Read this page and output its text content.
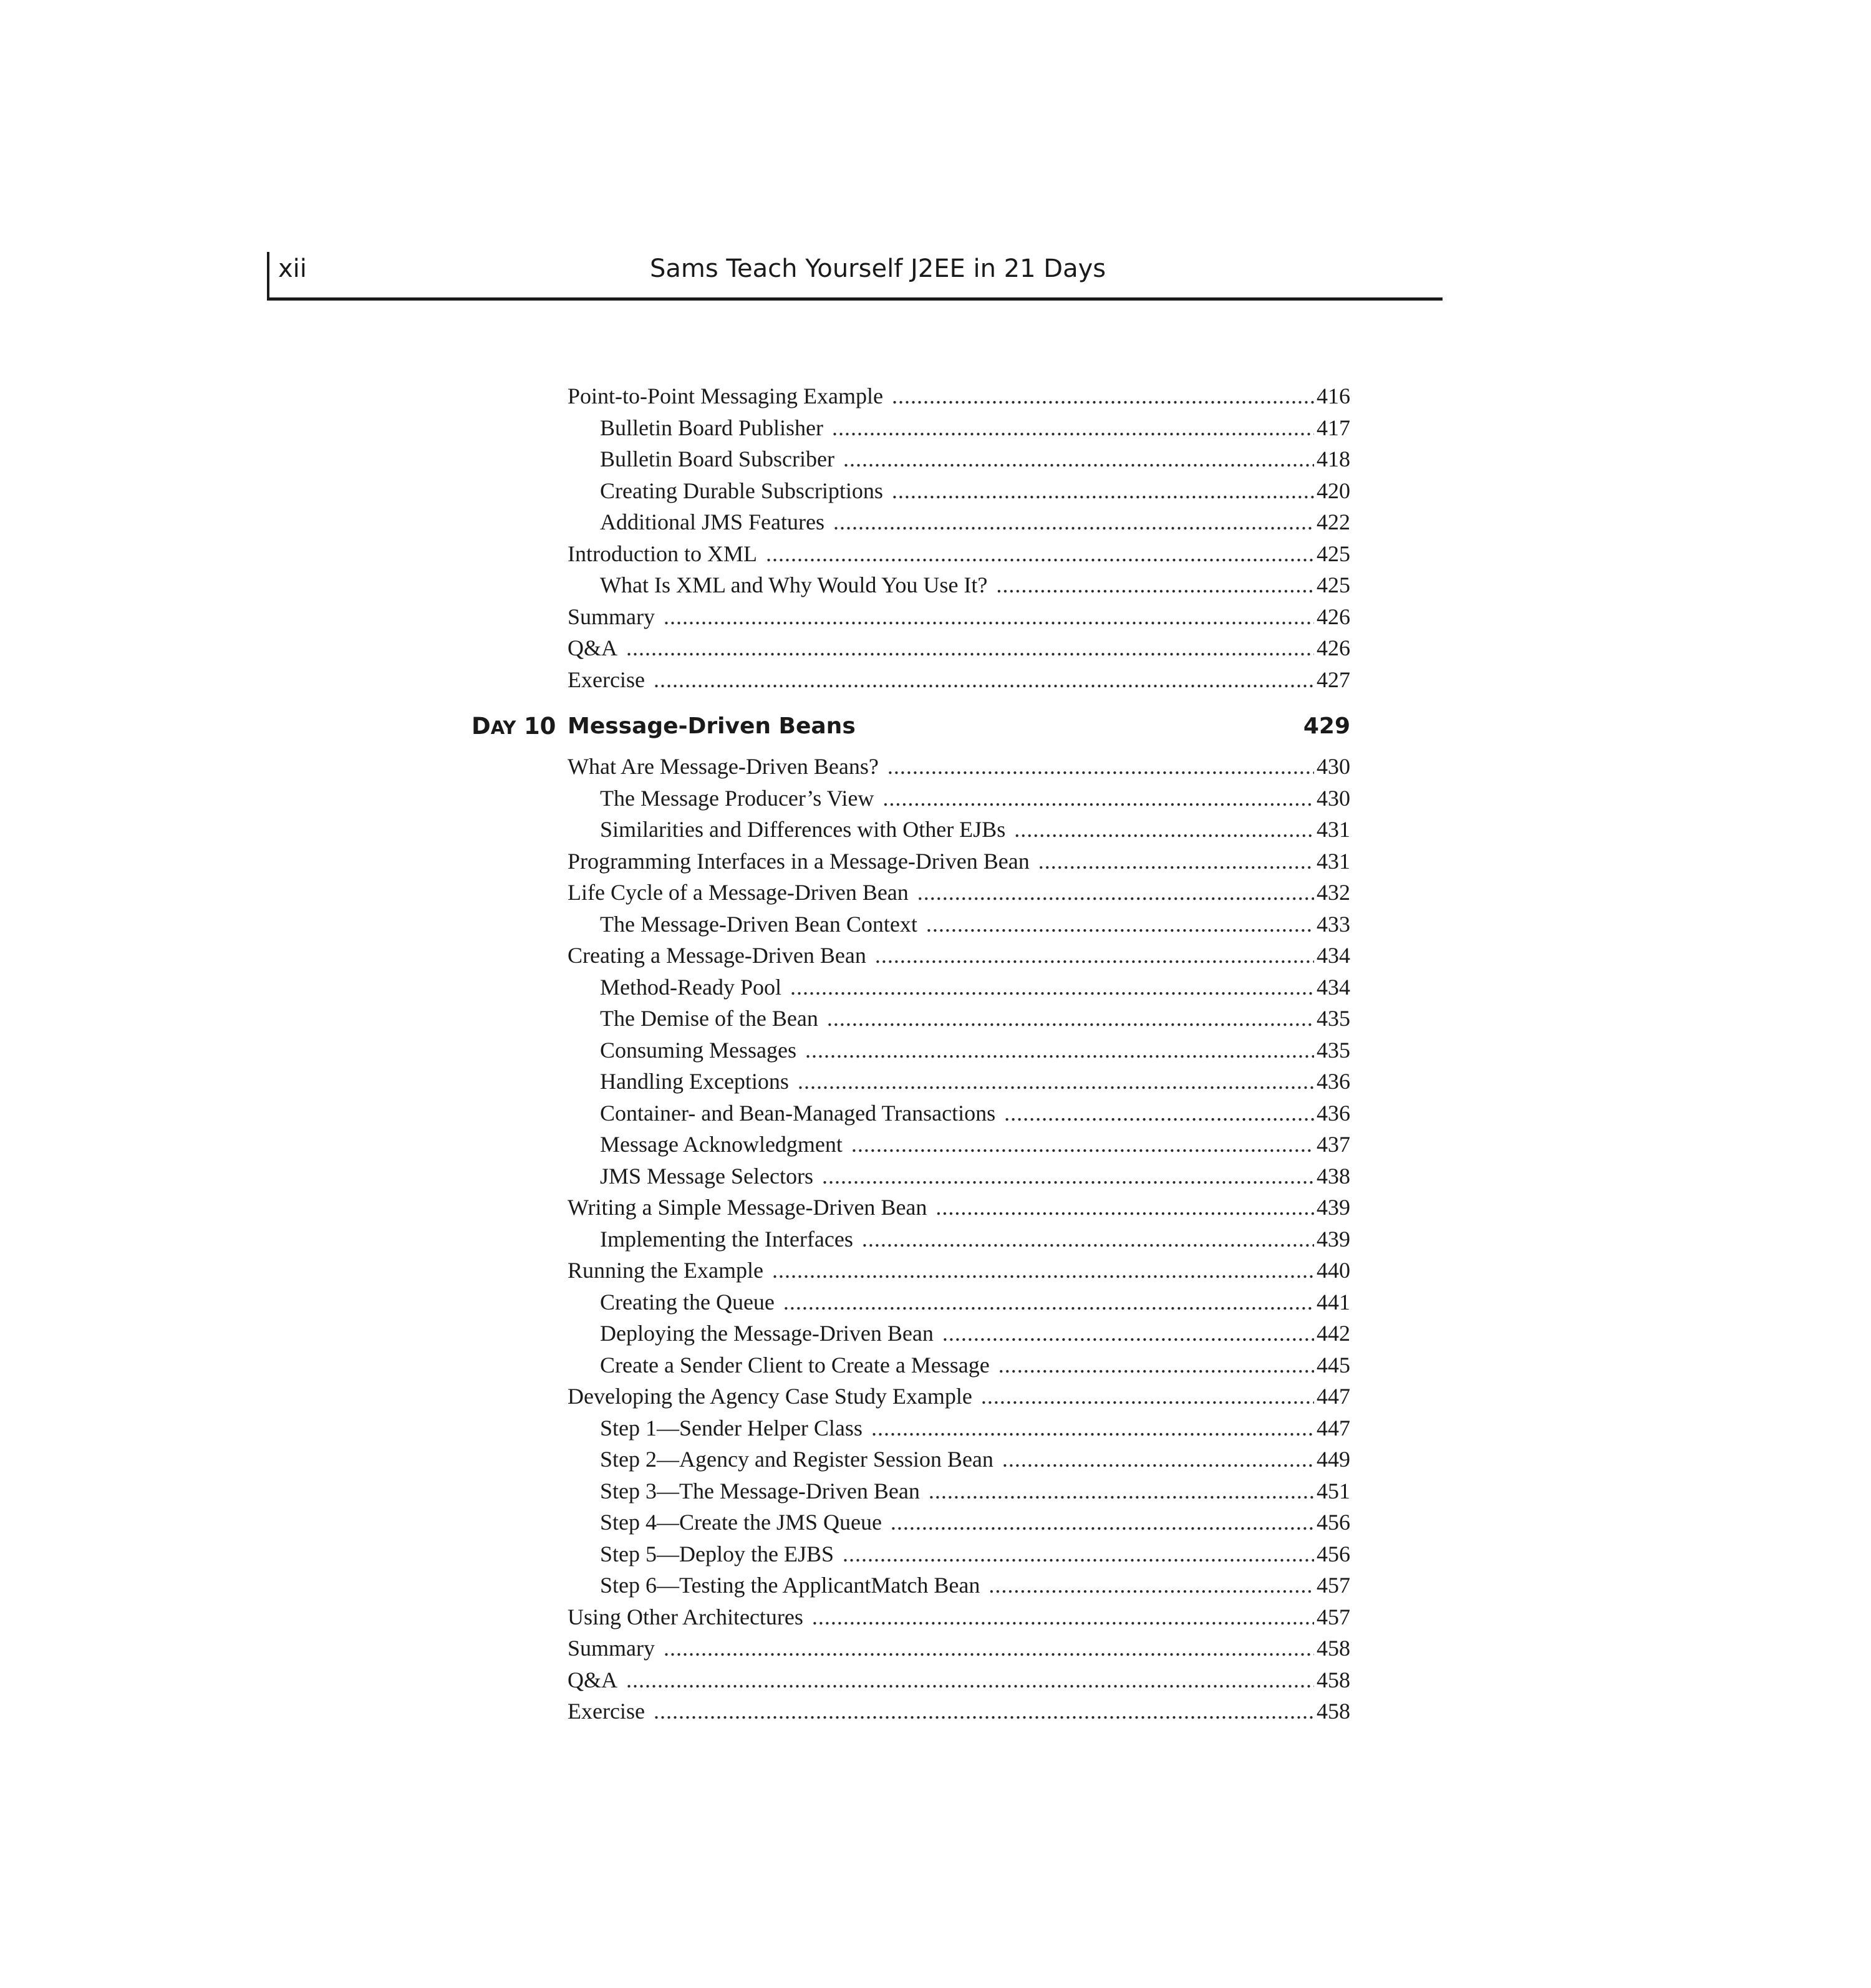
xii	Sams Teach Yourself J2EE in 21 Days
Point-to-Point Messaging Example .....	416
Bulletin Board Publisher .....	417
Bulletin Board Subscriber .....	418
Creating Durable Subscriptions .....	420
Additional JMS Features .....	422
Introduction to XML .....	425
What Is XML and Why Would You Use It? .....	425
Summary .....	426
Q&A .....	426
Exercise .....	427
DAY 10 Message-Driven Beans	429
What Are Message-Driven Beans? .....	430
The Message Producer’s View .....	430
Similarities and Differences with Other EJBs .....	431
Programming Interfaces in a Message-Driven Bean .....	431
Life Cycle of a Message-Driven Bean .....	432
The Message-Driven Bean Context .....	433
Creating a Message-Driven Bean .....	434
Method-Ready Pool .....	434
The Demise of the Bean .....	435
Consuming Messages .....	435
Handling Exceptions .....	436
Container- and Bean-Managed Transactions .....	436
Message Acknowledgment .....	437
JMS Message Selectors .....	438
Writing a Simple Message-Driven Bean .....	439
Implementing the Interfaces .....	439
Running the Example .....	440
Creating the Queue .....	441
Deploying the Message-Driven Bean .....	442
Create a Sender Client to Create a Message .....	445
Developing the Agency Case Study Example .....	447
Step 1—Sender Helper Class .....	447
Step 2—Agency and Register Session Bean .....	449
Step 3—The Message-Driven Bean .....	451
Step 4—Create the JMS Queue .....	456
Step 5—Deploy the EJBS .....	456
Step 6—Testing the ApplicantMatch Bean .....	457
Using Other Architectures .....	457
Summary .....	458
Q&A .....	458
Exercise .....	458
